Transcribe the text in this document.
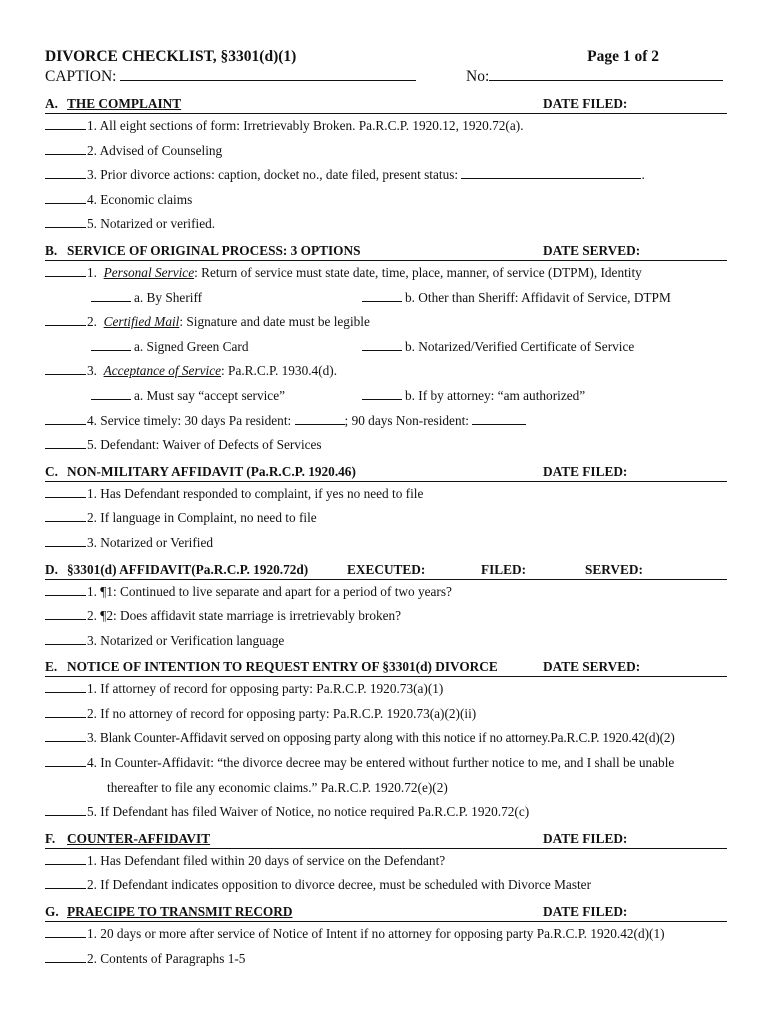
DIVORCE CHECKLIST, §3301(d)(1)	Page 1 of 2
CAPTION:	No:
A. THE COMPLAINT	DATE FILED:
1. All eight sections of form: Irretrievably Broken. Pa.R.C.P. 1920.12, 1920.72(a).
2. Advised of Counseling
3. Prior divorce actions: caption, docket no., date filed, present status:	.
4. Economic claims
5. Notarized or verified.
B. SERVICE OF ORIGINAL PROCESS: 3 OPTIONS	DATE SERVED:
1. Personal Service: Return of service must state date, time, place, manner, of service (DTPM), Identity
a. By Sheriff	b. Other than Sheriff: Affidavit of Service, DTPM
2. Certified Mail: Signature and date must be legible
a. Signed Green Card	b. Notarized/Verified Certificate of Service
3. Acceptance of Service: Pa.R.C.P. 1930.4(d).
a. Must say “accept service”	b. If by attorney: “am authorized”
4. Service timely: 30 days Pa resident:	; 90 days Non-resident:
5. Defendant: Waiver of Defects of Services
C. NON-MILITARY AFFIDAVIT (Pa.R.C.P. 1920.46)	DATE FILED:
1. Has Defendant responded to complaint, if yes no need to file
2. If language in Complaint, no need to file
3. Notarized or Verified
D. §3301(d) AFFIDAVIT(Pa.R.C.P. 1920.72d)	EXECUTED:	FILED:	SERVED:
1. ¶1: Continued to live separate and apart for a period of two years?
2. ¶2: Does affidavit state marriage is irretrievably broken?
3. Notarized or Verification language
E. NOTICE OF INTENTION TO REQUEST ENTRY OF §3301(d) DIVORCE	DATE SERVED:
1. If attorney of record for opposing party: Pa.R.C.P. 1920.73(a)(1)
2. If no attorney of record for opposing party: Pa.R.C.P. 1920.73(a)(2)(ii)
3. Blank Counter-Affidavit served on opposing party along with this notice if no attorney.Pa.R.C.P. 1920.42(d)(2)
4. In Counter-Affidavit: “the divorce decree may be entered without further notice to me, and I shall be unable
thereafter to file any economic claims.” Pa.R.C.P. 1920.72(e)(2)
5. If Defendant has filed Waiver of Notice, no notice required Pa.R.C.P. 1920.72(c)
F. COUNTER-AFFIDAVIT	DATE FILED:
1. Has Defendant filed within 20 days of service on the Defendant?
2. If Defendant indicates opposition to divorce decree, must be scheduled with Divorce Master
G. PRAECIPE TO TRANSMIT RECORD	DATE FILED:
1. 20 days or more after service of Notice of Intent if no attorney for opposing party Pa.R.C.P. 1920.42(d)(1)
2. Contents of Paragraphs 1-5
